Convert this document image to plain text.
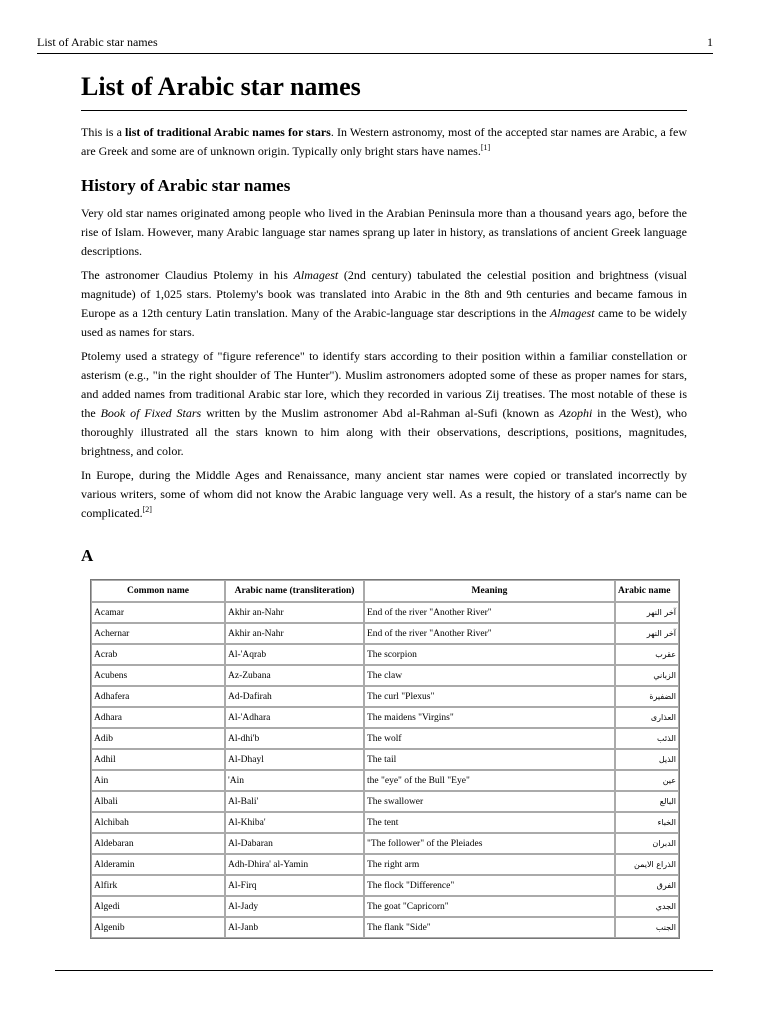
List of Arabic star names	1
List of Arabic star names

This is a list of traditional Arabic names for stars. In Western astronomy, most of the accepted star names are Arabic, a few are Greek and some are of unknown origin. Typically only bright stars have names.[1]

History of Arabic star names

Very old star names originated among people who lived in the Arabian Peninsula more than a thousand years ago, before the rise of Islam. However, many Arabic language star names sprang up later in history, as translations of ancient Greek language descriptions.

The astronomer Claudius Ptolemy in his Almagest (2nd century) tabulated the celestial position and brightness (visual magnitude) of 1,025 stars. Ptolemy's book was translated into Arabic in the 8th and 9th centuries and became famous in Europe as a 12th century Latin translation. Many of the Arabic-language star descriptions in the Almagest came to be widely used as names for stars.

Ptolemy used a strategy of "figure reference" to identify stars according to their position within a familiar constellation or asterism (e.g., "in the right shoulder of The Hunter"). Muslim astronomers adopted some of these as proper names for stars, and added names from traditional Arabic star lore, which they recorded in various Zij treatises. The most notable of these is the Book of Fixed Stars written by the Muslim astronomer Abd al-Rahman al-Sufi (known as Azophi in the West), who thoroughly illustrated all the stars known to him along with their observations, descriptions, positions, magnitudes, brightness, and color.

In Europe, during the Middle Ages and Renaissance, many ancient star names were copied or translated incorrectly by various writers, some of whom did not know the Arabic language very well. As a result, the history of a star's name can be complicated.[2]

A
Common name	Arabic name (transliteration)	Meaning	Arabic name
Acamar	Akhir an-Nahr	End of the river "Another River"	آخر النهر
Achernar	Akhir an-Nahr	End of the river "Another River"	آخر النهر
Acrab	Al-'Aqrab	The scorpion	عقرب
Acubens	Az-Zubana	The claw	الزباني
Adhafera	Ad-Dafirah	The curl "Plexus"	الضفيرة
Adhara	Al-'Adhara	The maidens "Virgins"	العذارى
Adib	Al-dhi'b	The wolf	الذئب
Adhil	Al-Dhayl	The tail	الذيل
Ain	'Ain	the "eye" of the Bull "Eye"	عين
Albali	Al-Bali'	The swallower	البالع
Alchibah	Al-Khiba'	The tent	الخباء
Aldebaran	Al-Dabaran	"The follower" of the Pleiades	الدبران
Alderamin	Adh-Dhira' al-Yamin	The right arm	الذراع الايمن
Alfirk	Al-Firq	The flock "Difference"	الفرق
Algedi	Al-Jady	The goat "Capricorn"	الجدي
Algenib	Al-Janb	The flank "Side"	الجنب
